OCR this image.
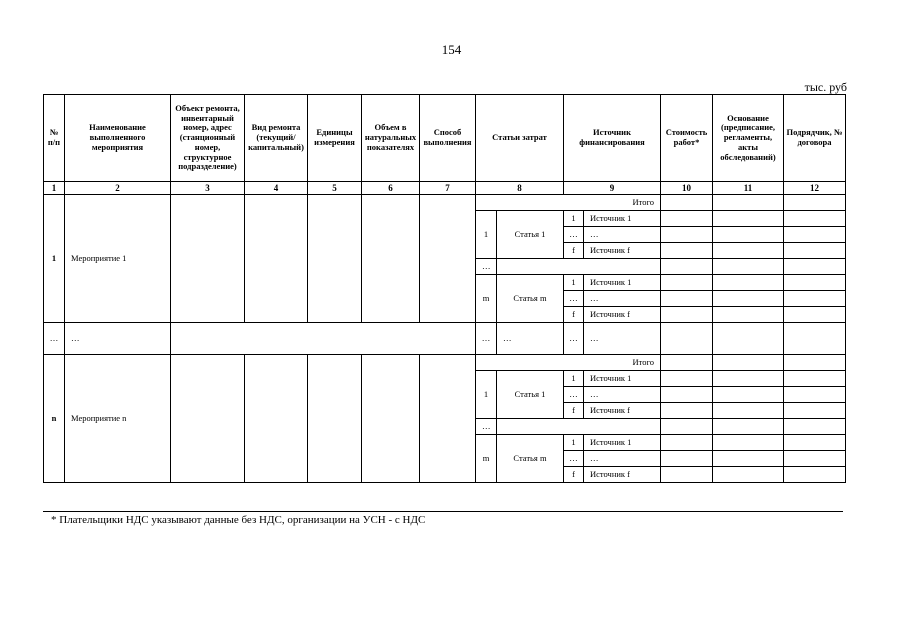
154
тыс. руб
№ п/п	Наименование выполненного мероприятия	Объект ремонта, инвентарный номер, адрес (станционный номер, структурное подразделение)	Вид ремонта (текущий/ капитальный)	Единицы измерения	Объем в натуральных показателях	Способ выполнения	Статьи затрат		Источник финансирования		Стоимость работ*	Основание (предписание, регламенты, акты обследований)	Подрядчик, № договора
1	2	3	4	5	6	7	8		9		10	11	12
1	Мероприятие 1						Итого						
							1	Статья 1	1	Источник 1			
									…	…			
									f	Источник f			
							…						
							m	Статья m	1	Источник 1			
									…	…			
									f	Источник f			
…	…						…	…	…	…			
n	Мероприятие n						Итого						
							1	Статья 1	1	Источник 1			
									…	…			
									f	Источник f			
							…						
							m	Статья m	1	Источник 1			
									…	…			
									f	Источник f			
* Плательщики НДС указывают данные без НДС, организации на УСН - с НДС
